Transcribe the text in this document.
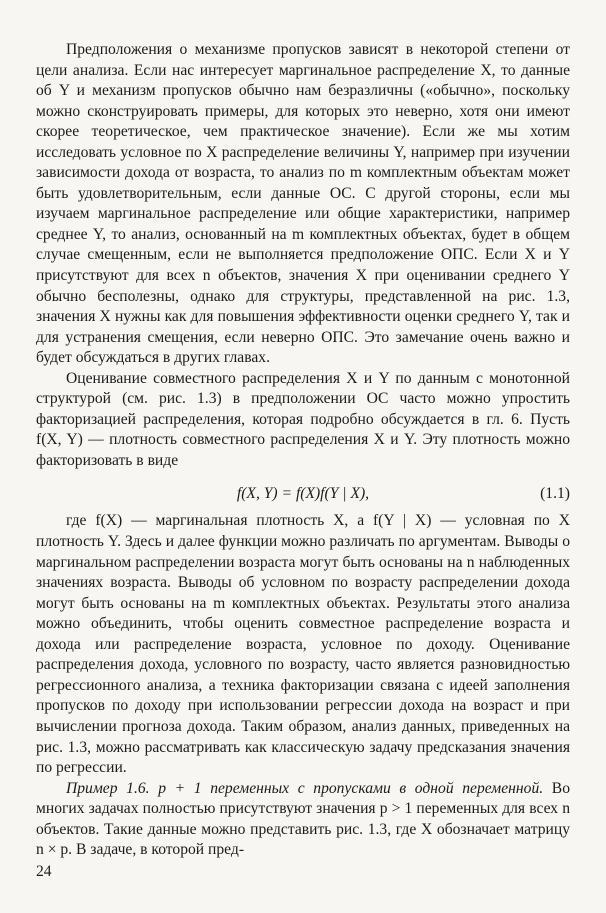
Предположения о механизме пропусков зависят в некоторой степени от цели анализа. Если нас интересует маргинальное распределение X, то данные об Y и механизм пропусков обычно нам безразличны («обычно», поскольку можно сконструировать примеры, для которых это неверно, хотя они имеют скорее теоретическое, чем практическое значение). Если же мы хотим исследовать условное по X распределение величины Y, например при изучении зависимости дохода от возраста, то анализ по m комплектным объектам может быть удовлетворительным, если данные ОС. С другой стороны, если мы изучаем маргинальное распределение или общие характеристики, например среднее Y, то анализ, основанный на m комплектных объектах, будет в общем случае смещенным, если не выполняется предположение ОПС. Если X и Y присутствуют для всех n объектов, значения X при оценивании среднего Y обычно бесполезны, однако для структуры, представленной на рис. 1.3, значения X нужны как для повышения эффективности оценки среднего Y, так и для устранения смещения, если неверно ОПС. Это замечание очень важно и будет обсуждаться в других главах.

Оценивание совместного распределения X и Y по данным с монотонной структурой (см. рис. 1.3) в предположении ОС часто можно упростить факторизацией распределения, которая подробно обсуждается в гл. 6. Пусть f(X, Y) — плотность совместного распределения X и Y. Эту плотность можно факторизовать в виде

f(X, Y) = f(X)f(Y | X),	(1.1)

где f(X) — маргинальная плотность X, а f(Y | X) — условная по X плотность Y. Здесь и далее функции можно различать по аргументам. Выводы о маргинальном распределении возраста могут быть основаны на n наблюденных значениях возраста. Выводы об условном по возрасту распределении дохода могут быть основаны на m комплектных объектах. Результаты этого анализа можно объединить, чтобы оценить совместное распределение возраста и дохода или распределение возраста, условное по доходу. Оценивание распределения дохода, условного по возрасту, часто является разновидностью регрессионного анализа, а техника факторизации связана с идеей заполнения пропусков по доходу при использовании регрессии дохода на возраст и при вычислении прогноза дохода. Таким образом, анализ данных, приведенных на рис. 1.3, можно рассматривать как классическую задачу предсказания значения по регрессии.

Пример 1.6. p + 1 переменных с пропусками в одной переменной. Во многих задачах полностью присутствуют значения p > 1 переменных для всех n объектов. Такие данные можно представить рис. 1.3, где X обозначает матрицу n × p. В задаче, в которой пред-

24
